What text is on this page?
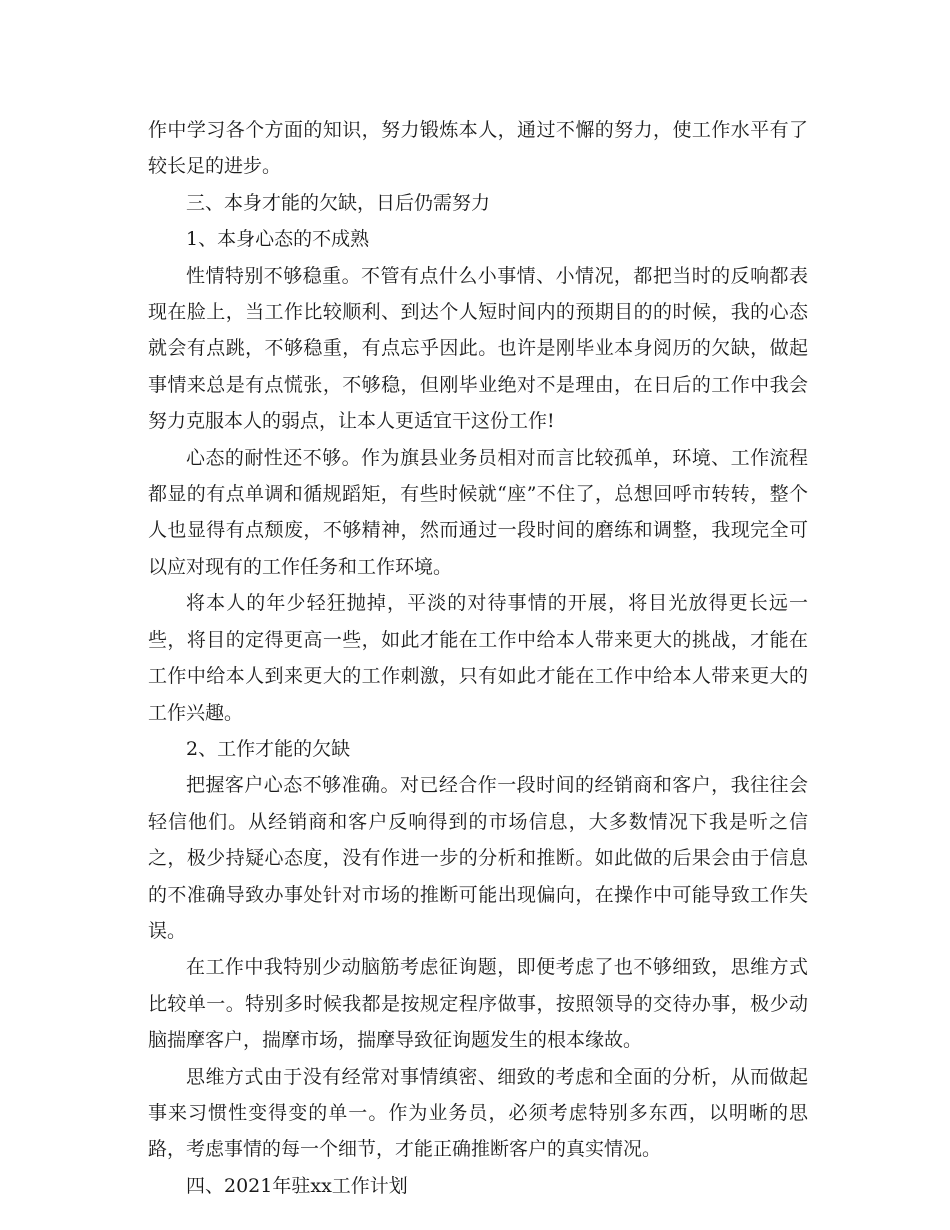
作中学习各个方面的知识，努力锻炼本人，通过不懈的努力，使工作水平有了较长足的进步。

三、本身才能的欠缺，日后仍需努力

1、本身心态的不成熟

性情特别不够稳重。不管有点什么小事情、小情况，都把当时的反响都表现在脸上，当工作比较顺利、到达个人短时间内的预期目的的时候，我的心态就会有点跳，不够稳重，有点忘乎因此。也许是刚毕业本身阅历的欠缺，做起事情来总是有点慌张，不够稳，但刚毕业绝对不是理由，在日后的工作中我会努力克服本人的弱点，让本人更适宜干这份工作!

心态的耐性还不够。作为旗县业务员相对而言比较孤单，环境、工作流程都显的有点单调和循规蹈矩，有些时候就“座”不住了，总想回呼市转转，整个人也显得有点颓废，不够精神，然而通过一段时间的磨练和调整，我现完全可以应对现有的工作任务和工作环境。

将本人的年少轻狂抛掉，平淡的对待事情的开展，将目光放得更长远一些，将目的定得更高一些，如此才能在工作中给本人带来更大的挑战，才能在工作中给本人到来更大的工作刺激，只有如此才能在工作中给本人带来更大的工作兴趣。

2、工作才能的欠缺

把握客户心态不够准确。对已经合作一段时间的经销商和客户，我往往会轻信他们。从经销商和客户反响得到的市场信息，大多数情况下我是听之信之，极少持疑心态度，没有作进一步的分析和推断。如此做的后果会由于信息的不准确导致办事处针对市场的推断可能出现偏向，在操作中可能导致工作失误。

在工作中我特别少动脑筋考虑征询题，即便考虑了也不够细致，思维方式比较单一。特别多时候我都是按规定程序做事，按照领导的交待办事，极少动脑揣摩客户，揣摩市场，揣摩导致征询题发生的根本缘故。

思维方式由于没有经常对事情缜密、细致的考虑和全面的分析，从而做起事来习惯性变得变的单一。作为业务员，必须考虑特别多东西，以明晰的思路，考虑事情的每一个细节，才能正确推断客户的真实情况。

四、2021年驻xx工作计划
